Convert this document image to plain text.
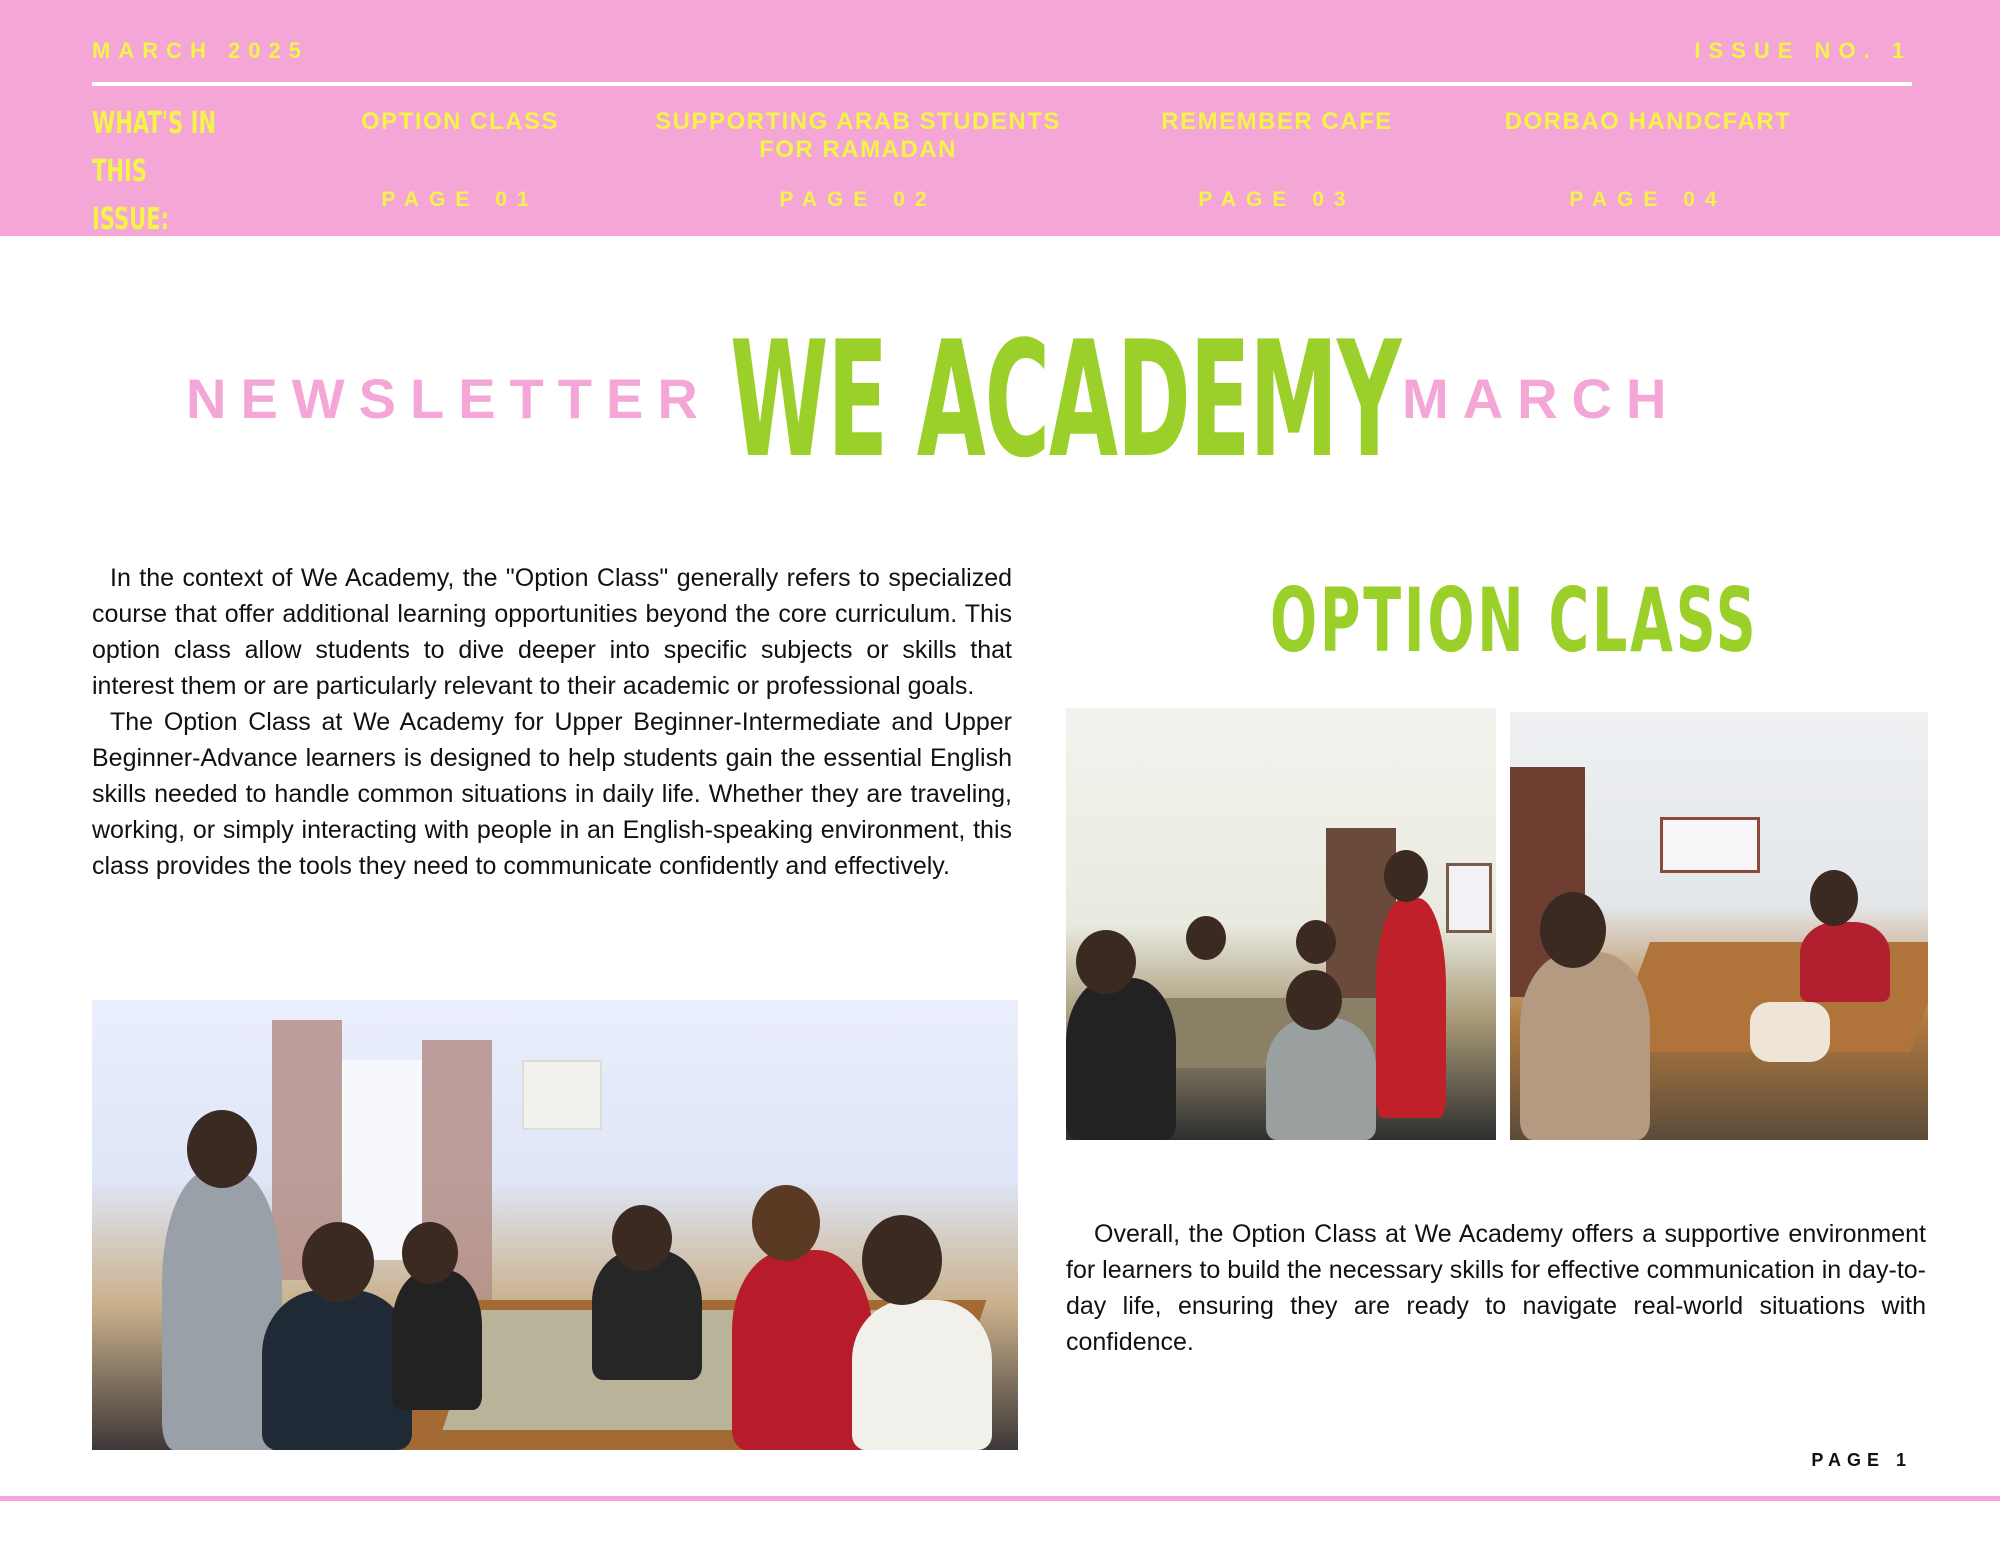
MARCH 2025	ISSUE NO. 1
WHAT'S IN THIS ISSUE:
OPTION CLASS
PAGE 01
SUPPORTING ARAB STUDENTS FOR RAMADAN
PAGE 02
REMEMBER CAFE
PAGE 03
DORBAO HANDCFART
PAGE 04
NEWSLETTER WE ACADEMY MARCH

In the context of We Academy, the "Option Class" generally refers to specialized course that offer additional learning opportunities beyond the core curriculum. This option class allow students to dive deeper into specific subjects or skills that interest them or are particularly relevant to their academic or professional goals.

The Option Class at We Academy for Upper Beginner-Intermediate and Upper Beginner-Advance learners is designed to help students gain the essential English skills needed to handle common situations in daily life. Whether they are traveling, working, or simply interacting with people in an English-speaking environment, this class provides the tools they need to communicate confidently and effectively.

OPTION CLASS
Overall, the Option Class at We Academy offers a supportive environment for learners to build the necessary skills for effective communication in day-to-day life, ensuring they are ready to navigate real-world situations with confidence.
PAGE 1
